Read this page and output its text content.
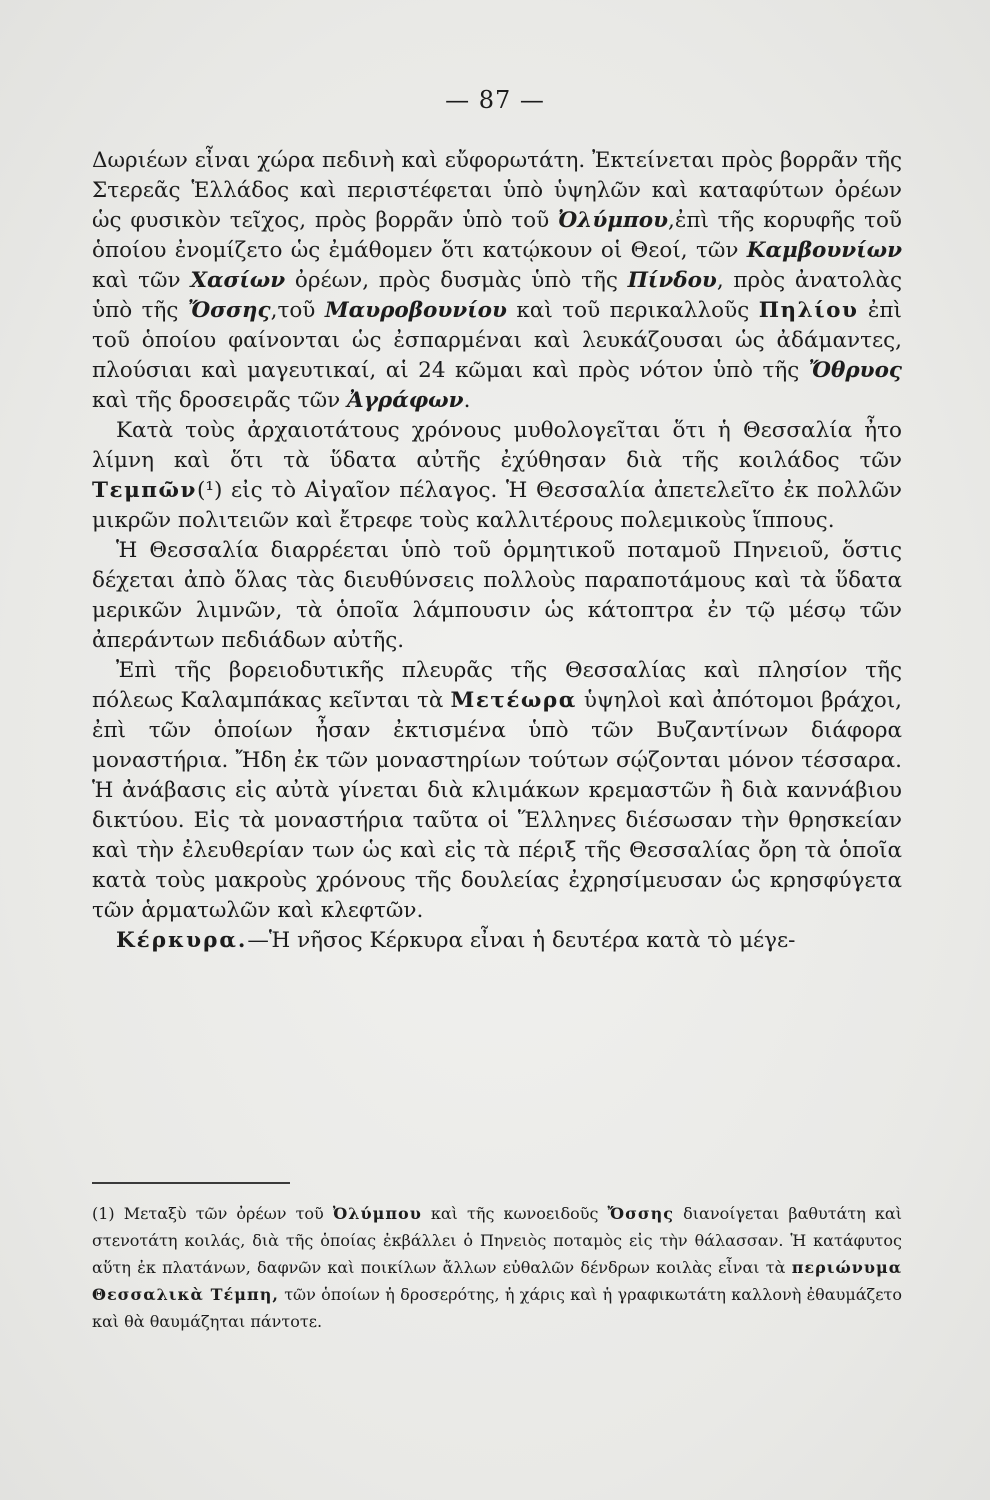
— 87 —

Δωριέων εἶναι χώρα πεδινὴ καὶ εὔφορωτάτη. Ἐκτείνεται πρὸς βορρᾶν τῆς Στερεᾶς Ἑλλάδος καὶ περιστέφεται ὑπὸ ὑψηλῶν καὶ καταφύτων ὀρέων ὡς φυσικὸν τεῖχος, πρὸς βορρᾶν ὑπὸ τοῦ Ὀλύμπου,ἐπὶ τῆς κορυφῆς τοῦ ὁποίου ἐνομίζετο ὡς ἐμάθομεν ὅτι κατῴκουν οἱ Θεοί, τῶν Καμβουνίων καὶ τῶν Χασίων ὀρέων, πρὸς δυσμὰς ὑπὸ τῆς Πίνδου, πρὸς ἀνατολὰς ὑπὸ τῆς Ὄσσης,τοῦ Μαυροβουνίου καὶ τοῦ περικαλλοῦς Πηλίου ἐπὶ τοῦ ὁποίου φαίνονται ὡς ἐσπαρμέναι καὶ λευκάζουσαι ὡς ἀδάμαντες, πλούσιαι καὶ μαγευτικαί, αἱ 24 κῶμαι καὶ πρὸς νότον ὑπὸ τῆς Ὄθρυος καὶ τῆς δροσειρᾶς τῶν Ἀγράφων.

Κατὰ τοὺς ἀρχαιοτάτους χρόνους μυθολογεῖται ὅτι ἡ Θεσσαλία ἦτο λίμνη καὶ ὅτι τὰ ὕδατα αὐτῆς ἐχύθησαν διὰ τῆς κοιλάδος τῶν Τεμπῶν(¹) εἰς τὸ Αἰγαῖον πέλαγος. Ἡ Θεσσαλία ἀπετελεῖτο ἐκ πολλῶν μικρῶν πολιτειῶν καὶ ἔτρεφε τοὺς καλλιτέρους πολεμικοὺς ἵππους.

Ἡ Θεσσαλία διαρρέεται ὑπὸ τοῦ ὁρμητικοῦ ποταμοῦ Πηνειοῦ, ὅστις δέχεται ἀπὸ ὅλας τὰς διευθύνσεις πολλοὺς παραποτάμους καὶ τὰ ὕδατα μερικῶν λιμνῶν, τὰ ὁποῖα λάμπουσιν ὡς κάτοπτρα ἐν τῷ μέσῳ τῶν ἀπεράντων πεδιάδων αὐτῆς.

Ἐπὶ τῆς βορειοδυτικῆς πλευρᾶς τῆς Θεσσαλίας καὶ πλησίον τῆς πόλεως Καλαμπάκας κεῖνται τὰ Μετέωρα ὑψηλοὶ καὶ ἀπότομοι βράχοι, ἐπὶ τῶν ὁποίων ἦσαν ἐκτισμένα ὑπὸ τῶν Βυζαντίνων διάφορα μοναστήρια. Ἤδη ἐκ τῶν μοναστηρίων τούτων σῴζονται μόνον τέσσαρα. Ἡ ἀνάβασις εἰς αὐτὰ γίνεται διὰ κλιμάκων κρεμαστῶν ἢ διὰ καννάβιου δικτύου. Εἰς τὰ μοναστήρια ταῦτα οἱ Ἕλληνες διέσωσαν τὴν θρησκείαν καὶ τὴν ἐλευθερίαν των ὡς καὶ εἰς τὰ πέριξ τῆς Θεσσαλίας ὄρη τὰ ὁποῖα κατὰ τοὺς μακροὺς χρόνους τῆς δουλείας ἐχρησίμευσαν ὡς κρησφύγετα τῶν ἁρματωλῶν καὶ κλεφτῶν.

Κέρκυρα.—Ἡ νῆσος Κέρκυρα εἶναι ἡ δευτέρα κατὰ τὸ μέγε-

(1) Μεταξὺ τῶν ὀρέων τοῦ Ὀλύμπου καὶ τῆς κωνοειδοῦς Ὄσσης διανοίγεται βαθυτάτη καὶ στενοτάτη κοιλάς, διὰ τῆς ὁποίας ἐκβάλλει ὁ Πηνειὸς ποταμὸς εἰς τὴν θάλασσαν. Ἡ κατάφυτος αὕτη ἐκ πλατάνων, δαφνῶν καὶ ποικίλων ἄλλων εὐθαλῶν δένδρων κοιλὰς εἶναι τὰ περιώνυμα Θεσσαλικὰ Τέμπη, τῶν ὁποίων ἡ δροσερότης, ἡ χάρις καὶ ἡ γραφικωτάτη καλλονὴ ἐθαυμάζετο καὶ θὰ θαυμάζηται πάντοτε.
